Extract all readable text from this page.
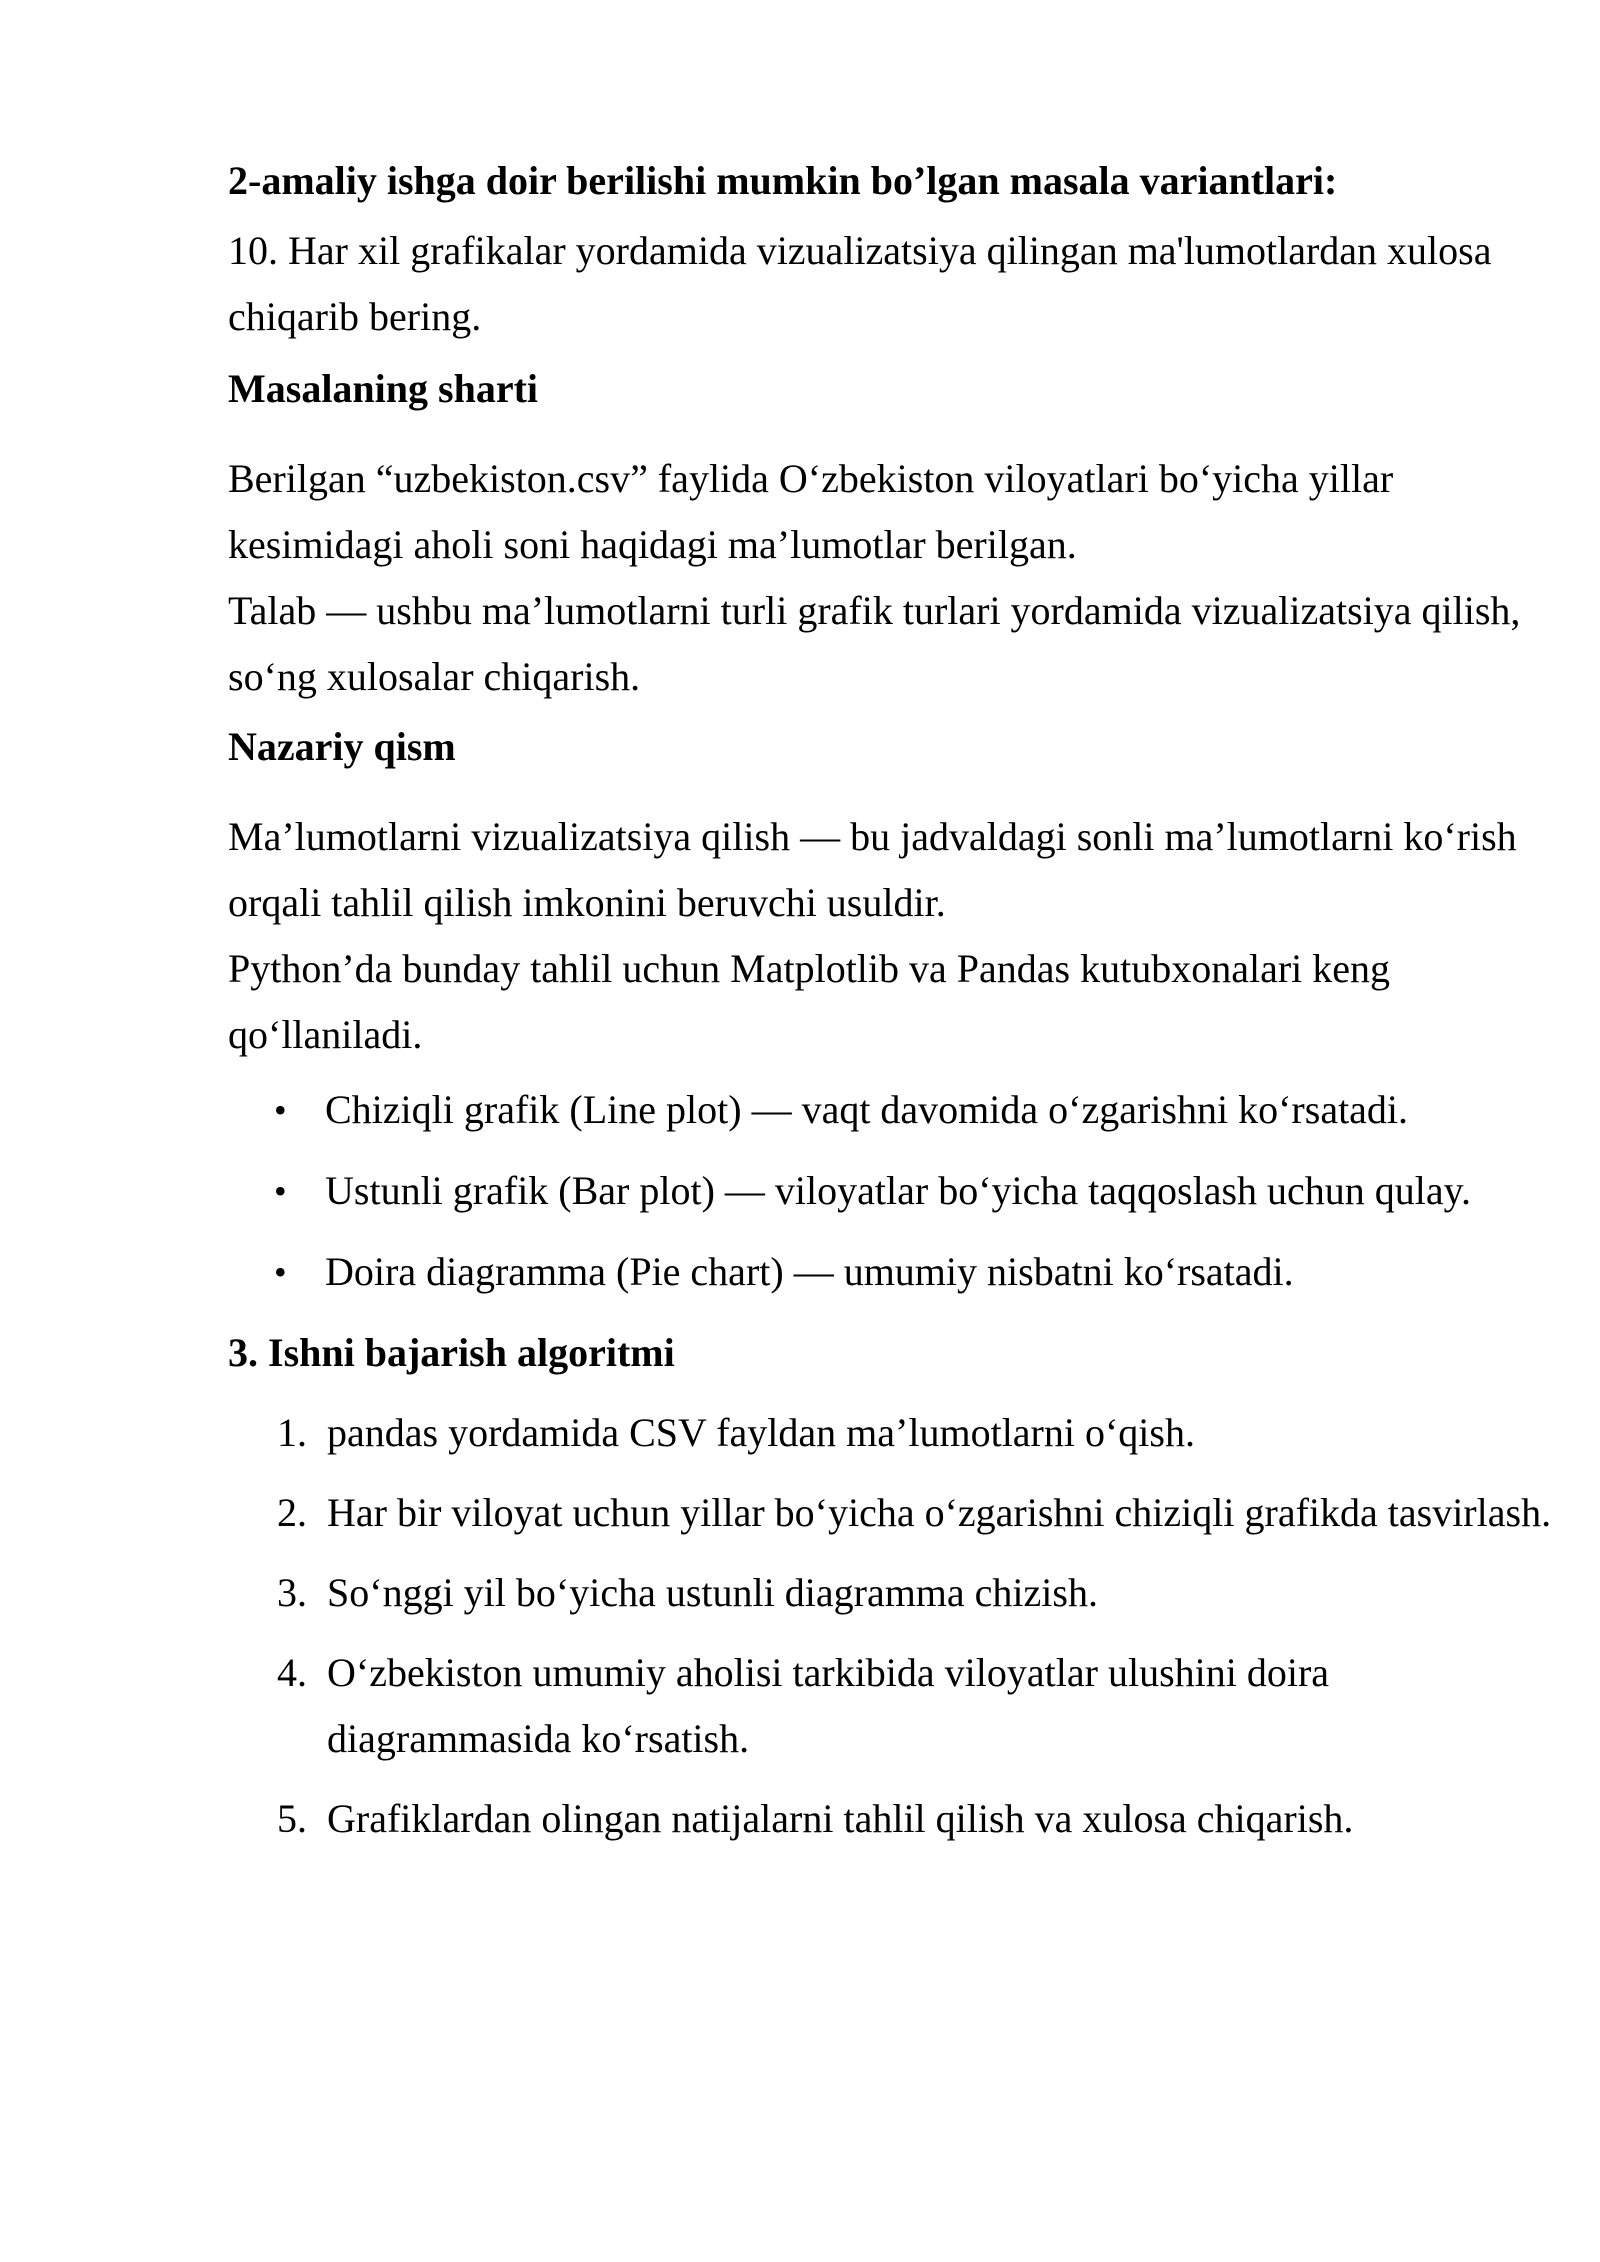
2-amaliy ishga doir berilishi mumkin bo’lgan masala variantlari:
10. Har xil grafikalar yordamida vizualizatsiya qilingan ma'lumotlardan xulosa
chiqarib bering.
Masalaning sharti
Berilgan “uzbekiston.csv” faylida O‘zbekiston viloyatlari bo‘yicha yillar
kesimidagi aholi soni haqidagi ma’lumotlar berilgan.
Talab — ushbu ma’lumotlarni turli grafik turlari yordamida vizualizatsiya qilish,
so‘ng xulosalar chiqarish.
Nazariy qism
Ma’lumotlarni vizualizatsiya qilish — bu jadvaldagi sonli ma’lumotlarni ko‘rish
orqali tahlil qilish imkonini beruvchi usuldir.
Python’da bunday tahlil uchun Matplotlib va Pandas kutubxonalari keng
qo‘llaniladi.
• Chiziqli grafik (Line plot) — vaqt davomida o‘zgarishni ko‘rsatadi.
• Ustunli grafik (Bar plot) — viloyatlar bo‘yicha taqqoslash uchun qulay.
• Doira diagramma (Pie chart) — umumiy nisbatni ko‘rsatadi.
3. Ishni bajarish algoritmi
1. pandas yordamida CSV fayldan ma’lumotlarni o‘qish.
2. Har bir viloyat uchun yillar bo‘yicha o‘zgarishni chiziqli grafikda tasvirlash.
3. So‘nggi yil bo‘yicha ustunli diagramma chizish.
4. O‘zbekiston umumiy aholisi tarkibida viloyatlar ulushini doira
diagrammasida ko‘rsatish.
5. Grafiklardan olingan natijalarni tahlil qilish va xulosa chiqarish.
